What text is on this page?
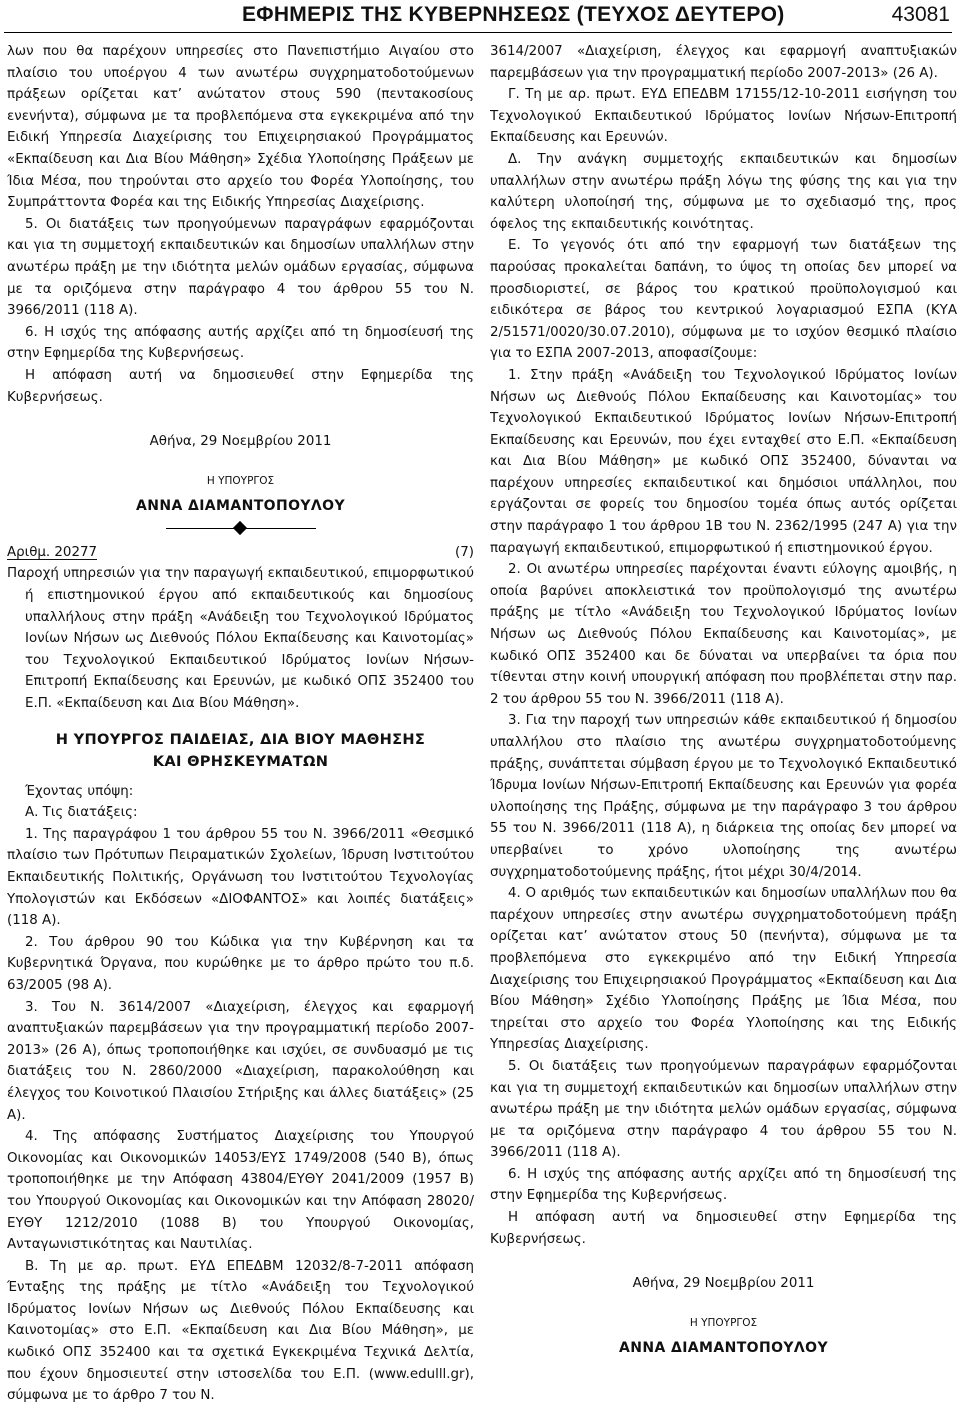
ΕΦΗΜΕΡΙΣ ΤΗΣ ΚΥΒΕΡΝΗΣΕΩΣ (ΤΕΥΧΟΣ ΔΕΥΤΕΡΟ)	43081

λων που θα παρέχουν υπηρεσίες στο Πανεπιστήμιο Αιγαίου στο πλαίσιο του υποέργου 4 των ανωτέρω συγχρηματοδοτούμενων πράξεων ορίζεται κατ’ ανώτατον στους 590 (πεντακοσίους ενενήντα), σύμφωνα με τα προβλεπόμενα στα εγκεκριμένα από την Ειδική Υπηρεσία Διαχείρισης του Επιχειρησιακού Προγράμματος «Εκπαίδευση και Δια Βίου Μάθηση» Σχέδια Υλοποίησης Πράξεων με Ίδια Μέσα, που τηρούνται στο αρχείο του Φορέα Υλοποίησης, του Συμπράττοντα Φορέα και της Ειδικής Υπηρεσίας Διαχείρισης.

5. Οι διατάξεις των προηγούμενων παραγράφων εφαρμόζονται και για τη συμμετοχή εκπαιδευτικών και δημοσίων υπαλλήλων στην ανωτέρω πράξη με την ιδιότητα μελών ομάδων εργασίας, σύμφωνα με τα οριζόμενα στην παράγραφο 4 του άρθρου 55 του Ν. 3966/2011 (118 Α).

6. Η ισχύς της απόφασης αυτής αρχίζει από τη δημοσίευσή της στην Εφημερίδα της Κυβερνήσεως.

Η απόφαση αυτή να δημοσιευθεί στην Εφημερίδα της Κυβερνήσεως.

Αθήνα, 29 Νοεμβρίου 2011

Η ΥΠΟΥΡΓΟΣ

ΑΝΝΑ ΔΙΑΜΑΝΤΟΠΟΥΛΟΥ

Αριθμ. 20277	(7)

Παροχή υπηρεσιών για την παραγωγή εκπαιδευτικού, επιμορφωτικού ή επιστημονικού έργου από εκπαιδευτικούς και δημοσίους υπαλλήλους στην πράξη «Ανάδειξη του Τεχνολογικού Ιδρύματος Ιονίων Νήσων ως Διεθνούς Πόλου Εκπαίδευσης και Καινοτομίας» του Τεχνολογικού Εκπαιδευτικού Ιδρύματος Ιονίων ΝήσωνΕπιτροπή Εκπαίδευσης και Ερευνών, με κωδικό ΟΠΣ 352400 του Ε.Π. «Εκπαίδευση και Δια Βίου Μάθηση».

Η ΥΠΟΥΡΓΟΣ ΠΑΙΔΕΙΑΣ, ΔΙΑ ΒΙΟΥ ΜΑΘΗΣΗΣ
ΚΑΙ ΘΡΗΣΚΕΥΜΑΤΩΝ

Έχοντας υπόψη:

Α. Τις διατάξεις:

1. Της παραγράφου 1 του άρθρου 55 του Ν. 3966/2011 «Θεσμικό πλαίσιο των Πρότυπων Πειραματικών Σχολείων, Ίδρυση Ινστιτούτου Εκπαιδευτικής Πολιτικής, Οργάνωση του Ινστιτούτου Τεχνολογίας Υπολογιστών και Εκδόσεων «ΔΙΟΦΑΝΤΟΣ» και λοιπές διατάξεις» (118 Α).

2. Του άρθρου 90 του Κώδικα για την Κυβέρνηση και τα Κυβερνητικά Όργανα, που κυρώθηκε με το άρθρο πρώτο του π.δ. 63/2005 (98 Α).

3. Του Ν. 3614/2007 «Διαχείριση, έλεγχος και εφαρμογή αναπτυξιακών παρεμβάσεων για την προγραμματική περίοδο 2007-2013» (26 Α), όπως τροποποιήθηκε και ισχύει, σε συνδυασμό με τις διατάξεις του Ν. 2860/2000 «Διαχείριση, παρακολούθηση και έλεγχος του Κοινοτικού Πλαισίου Στήριξης και άλλες διατάξεις» (25 Α).

4. Της απόφασης Συστήματος Διαχείρισης του Υπουργού Οικονομίας και Οικονομικών 14053/ΕΥΣ 1749/2008 (540 Β), όπως τροποποιήθηκε με την Απόφαση 43804/ΕΥΘΥ 2041/2009 (1957 Β) του Υπουργού Οικονομίας και Οικονομικών και την Απόφαση 28020/ΕΥΘΥ 1212/2010 (1088 Β) του Υπουργού Οικονομίας, Ανταγωνιστικότητας και Ναυτιλίας.

Β. Τη με αρ. πρωτ. ΕΥΔ ΕΠΕΔΒΜ 12032/8-7-2011 απόφαση Ένταξης της πράξης με τίτλο «Ανάδειξη του Τεχνολογικού Ιδρύματος Ιονίων Νήσων ως Διεθνούς Πόλου Εκπαίδευσης και Καινοτομίας» στο Ε.Π. «Εκπαίδευση και Δια Βίου Μάθηση», με κωδικό ΟΠΣ 352400 και τα σχετικά Εγκεκριμένα Τεχνικά Δελτία, που έχουν δημοσιευτεί στην ιστοσελίδα του Ε.Π. (www.edulll.gr), σύμφωνα με το άρθρο 7 του Ν.

3614/2007 «Διαχείριση, έλεγχος και εφαρμογή αναπτυξιακών παρεμβάσεων για την προγραμματική περίοδο 2007-2013» (26 Α).

Γ. Τη με αρ. πρωτ. ΕΥΔ ΕΠΕΔΒΜ 17155/12-10-2011 εισήγηση του Τεχνολογικού Εκπαιδευτικού Ιδρύματος Ιονίων Νήσων-Επιτροπή Εκπαίδευσης και Ερευνών.

Δ. Την ανάγκη συμμετοχής εκπαιδευτικών και δημοσίων υπαλλήλων στην ανωτέρω πράξη λόγω της φύσης της και για την καλύτερη υλοποίησή της, σύμφωνα με το σχεδιασμό της, προς όφελος της εκπαιδευτικής κοινότητας.

Ε. Το γεγονός ότι από την εφαρμογή των διατάξεων της παρούσας προκαλείται δαπάνη, το ύψος τη οποίας δεν μπορεί να προσδιοριστεί, σε βάρος του κρατικού προϋπολογισμού και ειδικότερα σε βάρος του κεντρικού λογαριασμού ΕΣΠΑ (ΚΥΑ 2/51571/0020/30.07.2010), σύμφωνα με το ισχύον θεσμικό πλαίσιο για το ΕΣΠΑ 2007-2013, αποφασίζουμε:

1. Στην πράξη «Ανάδειξη του Τεχνολογικού Ιδρύματος Ιονίων Νήσων ως Διεθνούς Πόλου Εκπαίδευσης και Καινοτομίας» του Τεχνολογικού Εκπαιδευτικού Ιδρύματος Ιονίων Νήσων-Επιτροπή Εκπαίδευσης και Ερευνών, που έχει ενταχθεί στο Ε.Π. «Εκπαίδευση και Δια Βίου Μάθηση» με κωδικό ΟΠΣ 352400, δύνανται να παρέχουν υπηρεσίες εκπαιδευτικοί και δημόσιοι υπάλληλοι, που εργάζονται σε φορείς του δημοσίου τομέα όπως αυτός ορίζεται στην παράγραφο 1 του άρθρου 1Β του Ν. 2362/1995 (247 Α) για την παραγωγή εκπαιδευτικού, επιμορφωτικού ή επιστημονικού έργου.

2. Οι ανωτέρω υπηρεσίες παρέχονται έναντι εύλογης αμοιβής, η οποία βαρύνει αποκλειστικά τον προϋπολογισμό της ανωτέρω πράξης με τίτλο «Ανάδειξη του Τεχνολογικού Ιδρύματος Ιονίων Νήσων ως Διεθνούς Πόλου Εκπαίδευσης και Καινοτομίας», με κωδικό ΟΠΣ 352400 και δε δύναται να υπερβαίνει τα όρια που τίθενται στην κοινή υπουργική απόφαση που προβλέπεται στην παρ. 2 του άρθρου 55 του Ν. 3966/2011 (118 Α).

3. Για την παροχή των υπηρεσιών κάθε εκπαιδευτικού ή δημοσίου υπαλλήλου στο πλαίσιο της ανωτέρω συγχρηματοδοτούμενης πράξης, συνάπτεται σύμβαση έργου με το Τεχνολογικό Εκπαιδευτικό Ίδρυμα Ιονίων Νήσων-Επιτροπή Εκπαίδευσης και Ερευνών για φορέα υλοποίησης της Πράξης, σύμφωνα με την παράγραφο 3 του άρθρου 55 του Ν. 3966/2011 (118 Α), η διάρκεια της οποίας δεν μπορεί να υπερβαίνει το χρόνο υλοποίησης της ανωτέρω συγχρηματοδοτούμενης πράξης, ήτοι μέχρι 30/4/2014.

4. Ο αριθμός των εκπαιδευτικών και δημοσίων υπαλλήλων που θα παρέχουν υπηρεσίες στην ανωτέρω συγχρηματοδοτούμενη πράξη ορίζεται κατ’ ανώτατον στους 50 (πενήντα), σύμφωνα με τα προβλεπόμενα στο εγκεκριμένο από την Ειδική Υπηρεσία Διαχείρισης του Επιχειρησιακού Προγράμματος «Εκπαίδευση και Δια Βίου Μάθηση» Σχέδιο Υλοποίησης Πράξης με Ίδια Μέσα, που τηρείται στο αρχείο του Φορέα Υλοποίησης και της Ειδικής Υπηρεσίας Διαχείρισης.

5. Οι διατάξεις των προηγούμενων παραγράφων εφαρμόζονται και για τη συμμετοχή εκπαιδευτικών και δημοσίων υπαλλήλων στην ανωτέρω πράξη με την ιδιότητα μελών ομάδων εργασίας, σύμφωνα με τα οριζόμενα στην παράγραφο 4 του άρθρου 55 του Ν. 3966/2011 (118 Α).

6. Η ισχύς της απόφασης αυτής αρχίζει από τη δημοσίευσή της στην Εφημερίδα της Κυβερνήσεως.

Η απόφαση αυτή να δημοσιευθεί στην Εφημερίδα της Κυβερνήσεως.

Αθήνα, 29 Νοεμβρίου 2011

Η ΥΠΟΥΡΓΟΣ

ΑΝΝΑ ΔΙΑΜΑΝΤΟΠΟΥΛΟΥ
